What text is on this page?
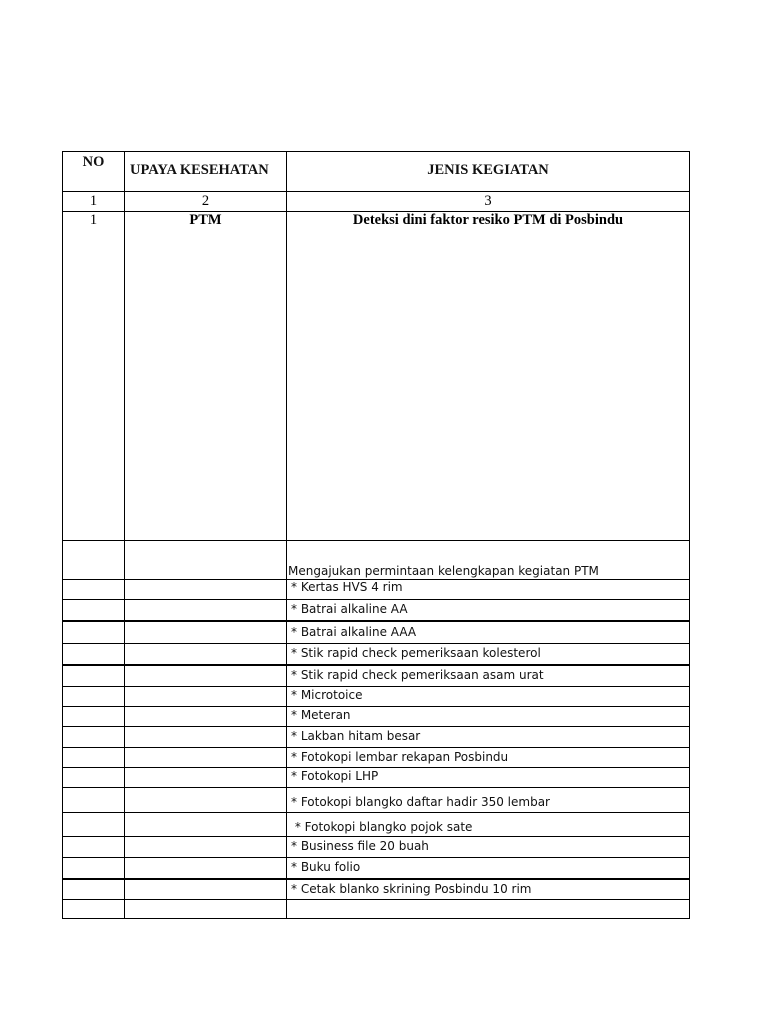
NO	UPAYA KESEHATAN	JENIS KEGIATAN
1	2	3
1	PTM	Deteksi dini faktor resiko PTM di Posbindu
		Mengajukan permintaan kelengkapan kegiatan PTM
		* Kertas HVS 4 rim
		* Batrai alkaline AA
		* Batrai alkaline AAA
		* Stik rapid check pemeriksaan kolesterol
		* Stik rapid check pemeriksaan asam urat
		* Microtoice
		* Meteran
		* Lakban hitam besar
		* Fotokopi lembar rekapan Posbindu
		* Fotokopi LHP
		* Fotokopi blangko daftar hadir 350 lembar
		* Fotokopi blangko pojok sate
		* Business file 20 buah
		* Buku folio
		* Cetak blanko skrining Posbindu 10 rim
